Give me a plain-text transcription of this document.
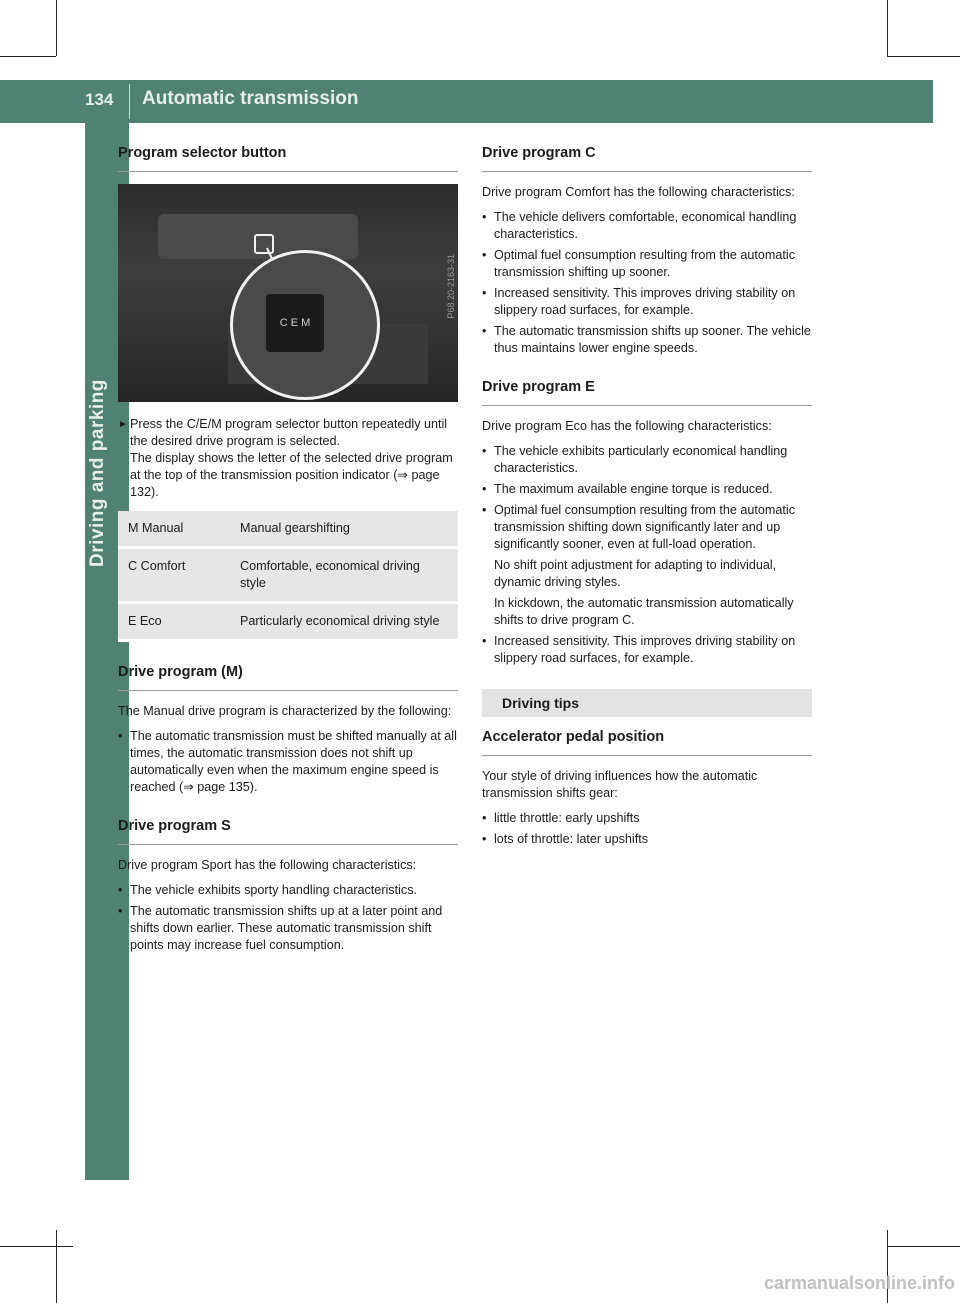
134 Automatic transmission
Driving and parking
Program selector button
C E M
P68.20-2163-31
► Press the C/E/M program selector button repeatedly until the desired drive program is selected.
The display shows the letter of the selected drive program at the top of the transmission position indicator (⇒ page 132).
M Manual	Manual gearshifting
C Comfort	Comfortable, economical driving style
E Eco	Particularly economical driving style
Drive program (M)

The Manual drive program is characterized by the following:

• The automatic transmission must be shifted manually at all times, the automatic transmission does not shift up automatically even when the maximum engine speed is reached (⇒ page 135).
Drive program S

Drive program Sport has the following characteristics:

• The vehicle exhibits sporty handling characteristics.
• The automatic transmission shifts up at a later point and shifts down earlier. These automatic transmission shift points may increase fuel consumption.
Drive program C

Drive program Comfort has the following characteristics:

• The vehicle delivers comfortable, economical handling characteristics.
• Optimal fuel consumption resulting from the automatic transmission shifting up sooner.
• Increased sensitivity. This improves driving stability on slippery road surfaces, for example.
• The automatic transmission shifts up sooner. The vehicle thus maintains lower engine speeds.
Drive program E

Drive program Eco has the following characteristics:

• The vehicle exhibits particularly economical handling characteristics.
• The maximum available engine torque is reduced.
• Optimal fuel consumption resulting from the automatic transmission shifting down significantly later and up significantly sooner, even at full-load operation.
No shift point adjustment for adapting to individual, dynamic driving styles.
In kickdown, the automatic transmission automatically shifts to drive program C.
• Increased sensitivity. This improves driving stability on slippery road surfaces, for example.
Driving tips
Accelerator pedal position

Your style of driving influences how the automatic transmission shifts gear:

• little throttle: early upshifts
• lots of throttle: later upshifts
carmanualsonline.info
